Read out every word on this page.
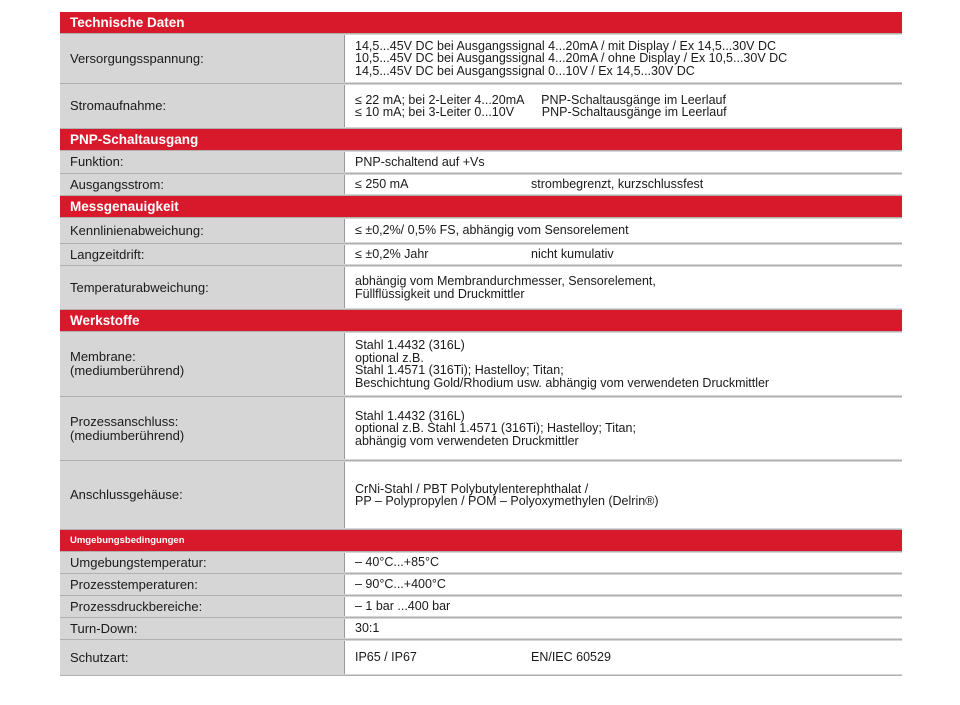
Technische Daten
Versorgungsspannung:
14,5...45V DC bei Ausgangssignal 4...20mA / mit Display / Ex 14,5...30V DC
10,5...45V DC bei Ausgangssignal 4...20mA / ohne Display / Ex 10,5...30V DC
14,5...45V DC bei Ausgangssignal 0...10V / Ex 14,5...30V DC
Stromaufnahme:	≤ 22 mA; bei 2-Leiter 4...20mA     PNP-Schaltausgänge im Leerlauf
≤ 10 mA; bei 3-Leiter 0...10V        PNP-Schaltausgänge im Leerlauf
PNP-Schaltausgang
Funktion:	PNP-schaltend auf +Vs
Ausgangsstrom:	≤ 250 mA	strombegrenzt, kurzschlussfest
Messgenauigkeit
Kennlinienabweichung:	≤ ±0,2%/ 0,5% FS, abhängig vom Sensorelement
Langzeitdrift:	≤ ±0,2% Jahr	nicht kumulativ
Temperaturabweichung:	abhängig vom Membrandurchmesser, Sensorelement,
Füllflüssigkeit und Druckmittler
Werkstoffe
Membrane:
(mediumberührend)
Stahl 1.4432 (316L)
optional z.B.
Stahl 1.4571 (316Ti); Hastelloy; Titan;
Beschichtung Gold/Rhodium usw. abhängig vom verwendeten Druckmittler
Prozessanschluss:
(mediumberührend)
Stahl 1.4432 (316L)
optional z.B. Stahl 1.4571 (316Ti); Hastelloy; Titan;
abhängig vom verwendeten Druckmittler
Anschlussgehäuse:	CrNi-Stahl / PBT Polybutylenterephthalat /
PP – Polypropylen / POM – Polyoxymethylen (Delrin®)
Umgebungsbedingungen
Umgebungstemperatur:	– 40°C...+85°C
Prozesstemperaturen:	– 90°C...+400°C
Prozessdruckbereiche:	– 1 bar ...400 bar
Turn-Down:	30:1
Schutzart:	IP65 / IP67	EN/IEC 60529
